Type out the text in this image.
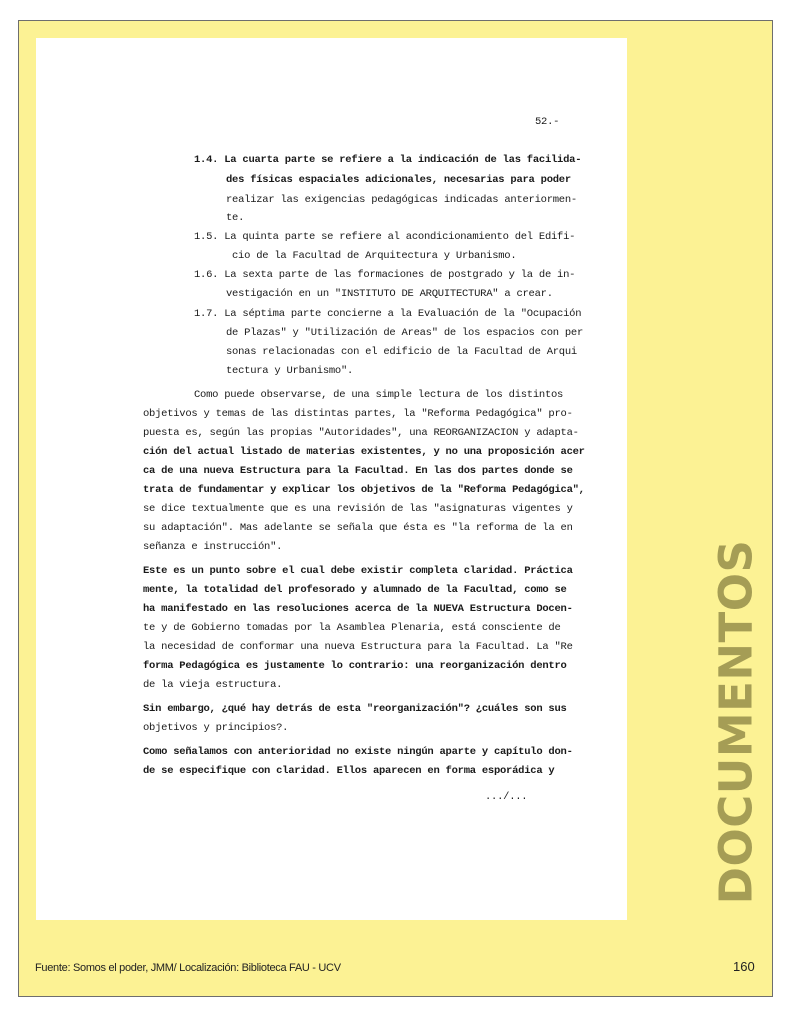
52.-
1.4. La cuarta parte se refiere a la indicación de las facilida-
des físicas espaciales adicionales, necesarias para poder
realizar las exigencias pedagógicas indicadas anteriormen-
te.
1.5. La quinta parte se refiere al acondicionamiento del Edifi-
cio de la Facultad de Arquitectura y Urbanismo.
1.6. La sexta parte de las formaciones de postgrado y la de in-
vestigación en un "INSTITUTO DE ARQUITECTURA" a crear.
1.7. La séptima parte concierne a la Evaluación de la "Ocupación
de Plazas" y "Utilización de Areas" de los espacios con per
sonas relacionadas con el edificio de la Facultad de Arqui
tectura y Urbanismo".
Como puede observarse, de una simple lectura de los distintos
objetivos y temas de las distintas partes, la "Reforma Pedagógica" pro-
puesta es, según las propias "Autoridades", una REORGANIZACION y adapta-
ción del actual listado de materias existentes, y no una proposición acer
ca de una nueva Estructura para la Facultad. En las dos partes donde se
trata de fundamentar y explicar los objetivos de la "Reforma Pedagógica",
se dice textualmente que es una revisión de las "asignaturas vigentes y
su adaptación". Mas adelante se señala que ésta es "la reforma de la en
señanza e instrucción".
Este es un punto sobre el cual debe existir completa claridad. Práctica
mente, la totalidad del profesorado y alumnado de la Facultad, como se
ha manifestado en las resoluciones acerca de la NUEVA Estructura Docen-
te y de Gobierno tomadas por la Asamblea Plenaria, está consciente de
la necesidad de conformar una nueva Estructura para la Facultad. La "Re
forma Pedagógica es justamente lo contrario: una reorganización dentro
de la vieja estructura.
Sin embargo, ¿qué hay detrás de esta "reorganización"? ¿cuáles son sus
objetivos y principios?.
Como señalamos con anterioridad no existe ningún aparte y capítulo don-
de se especifique con claridad. Ellos aparecen en forma esporádica y
.../...	DOCUMENTOS
Fuente: Somos el poder, JMM/ Localización: Biblioteca FAU - UCV	160
